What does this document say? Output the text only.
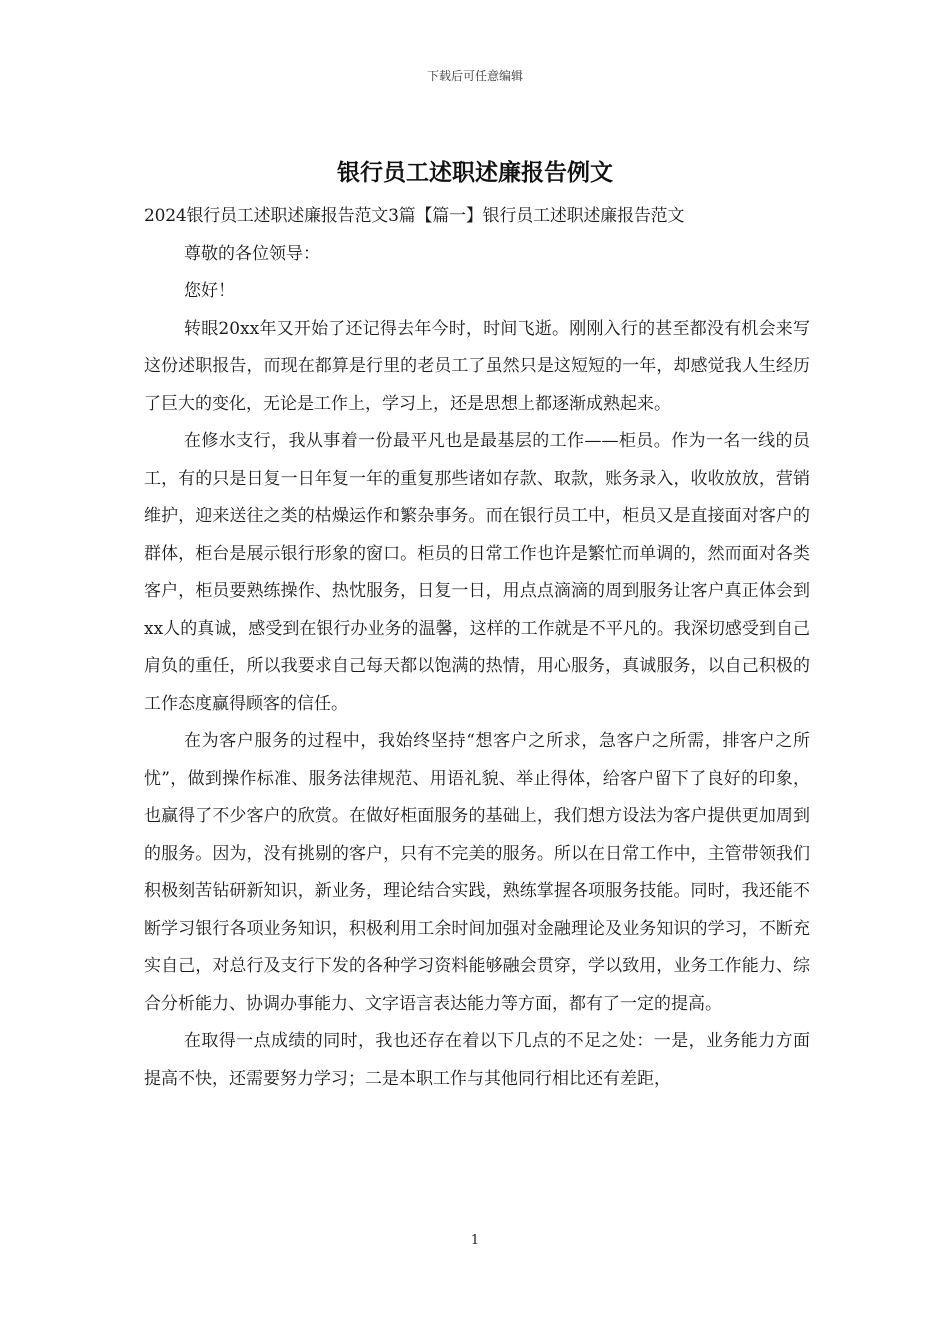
下载后可任意编辑
银行员工述职述廉报告例文

2024银行员工述职述廉报告范文3篇【篇一】银行员工述职述廉报告范文

尊敬的各位领导：

您好！

转眼20xx年又开始了还记得去年今时，时间飞逝。刚刚入行的甚至都没有机会来写这份述职报告，而现在都算是行里的老员工了虽然只是这短短的一年，却感觉我人生经历了巨大的变化，无论是工作上，学习上，还是思想上都逐渐成熟起来。

在修水支行，我从事着一份最平凡也是最基层的工作——柜员。作为一名一线的员工，有的只是日复一日年复一年的重复那些诸如存款、取款，账务录入，收收放放，营销维护，迎来送往之类的枯燥运作和繁杂事务。而在银行员工中，柜员又是直接面对客户的群体，柜台是展示银行形象的窗口。柜员的日常工作也许是繁忙而单调的，然而面对各类客户，柜员要熟练操作、热忱服务，日复一日，用点点滴滴的周到服务让客户真正体会到xx人的真诚，感受到在银行办业务的温馨，这样的工作就是不平凡的。我深切感受到自己肩负的重任，所以我要求自己每天都以饱满的热情，用心服务，真诚服务，以自己积极的工作态度赢得顾客的信任。

在为客户服务的过程中，我始终坚持“想客户之所求，急客户之所需，排客户之所忧”，做到操作标准、服务法律规范、用语礼貌、举止得体，给客户留下了良好的印象，也赢得了不少客户的欣赏。在做好柜面服务的基础上，我们想方设法为客户提供更加周到的服务。因为，没有挑剔的客户，只有不完美的服务。所以在日常工作中，主管带领我们积极刻苦钻研新知识，新业务，理论结合实践，熟练掌握各项服务技能。同时，我还能不断学习银行各项业务知识，积极利用工余时间加强对金融理论及业务知识的学习，不断充实自己，对总行及支行下发的各种学习资料能够融会贯穿，学以致用，业务工作能力、综合分析能力、协调办事能力、文字语言表达能力等方面，都有了一定的提高。

在取得一点成绩的同时，我也还存在着以下几点的不足之处：一是，业务能力方面提高不快，还需要努力学习；二是本职工作与其他同行相比还有差距，

1
